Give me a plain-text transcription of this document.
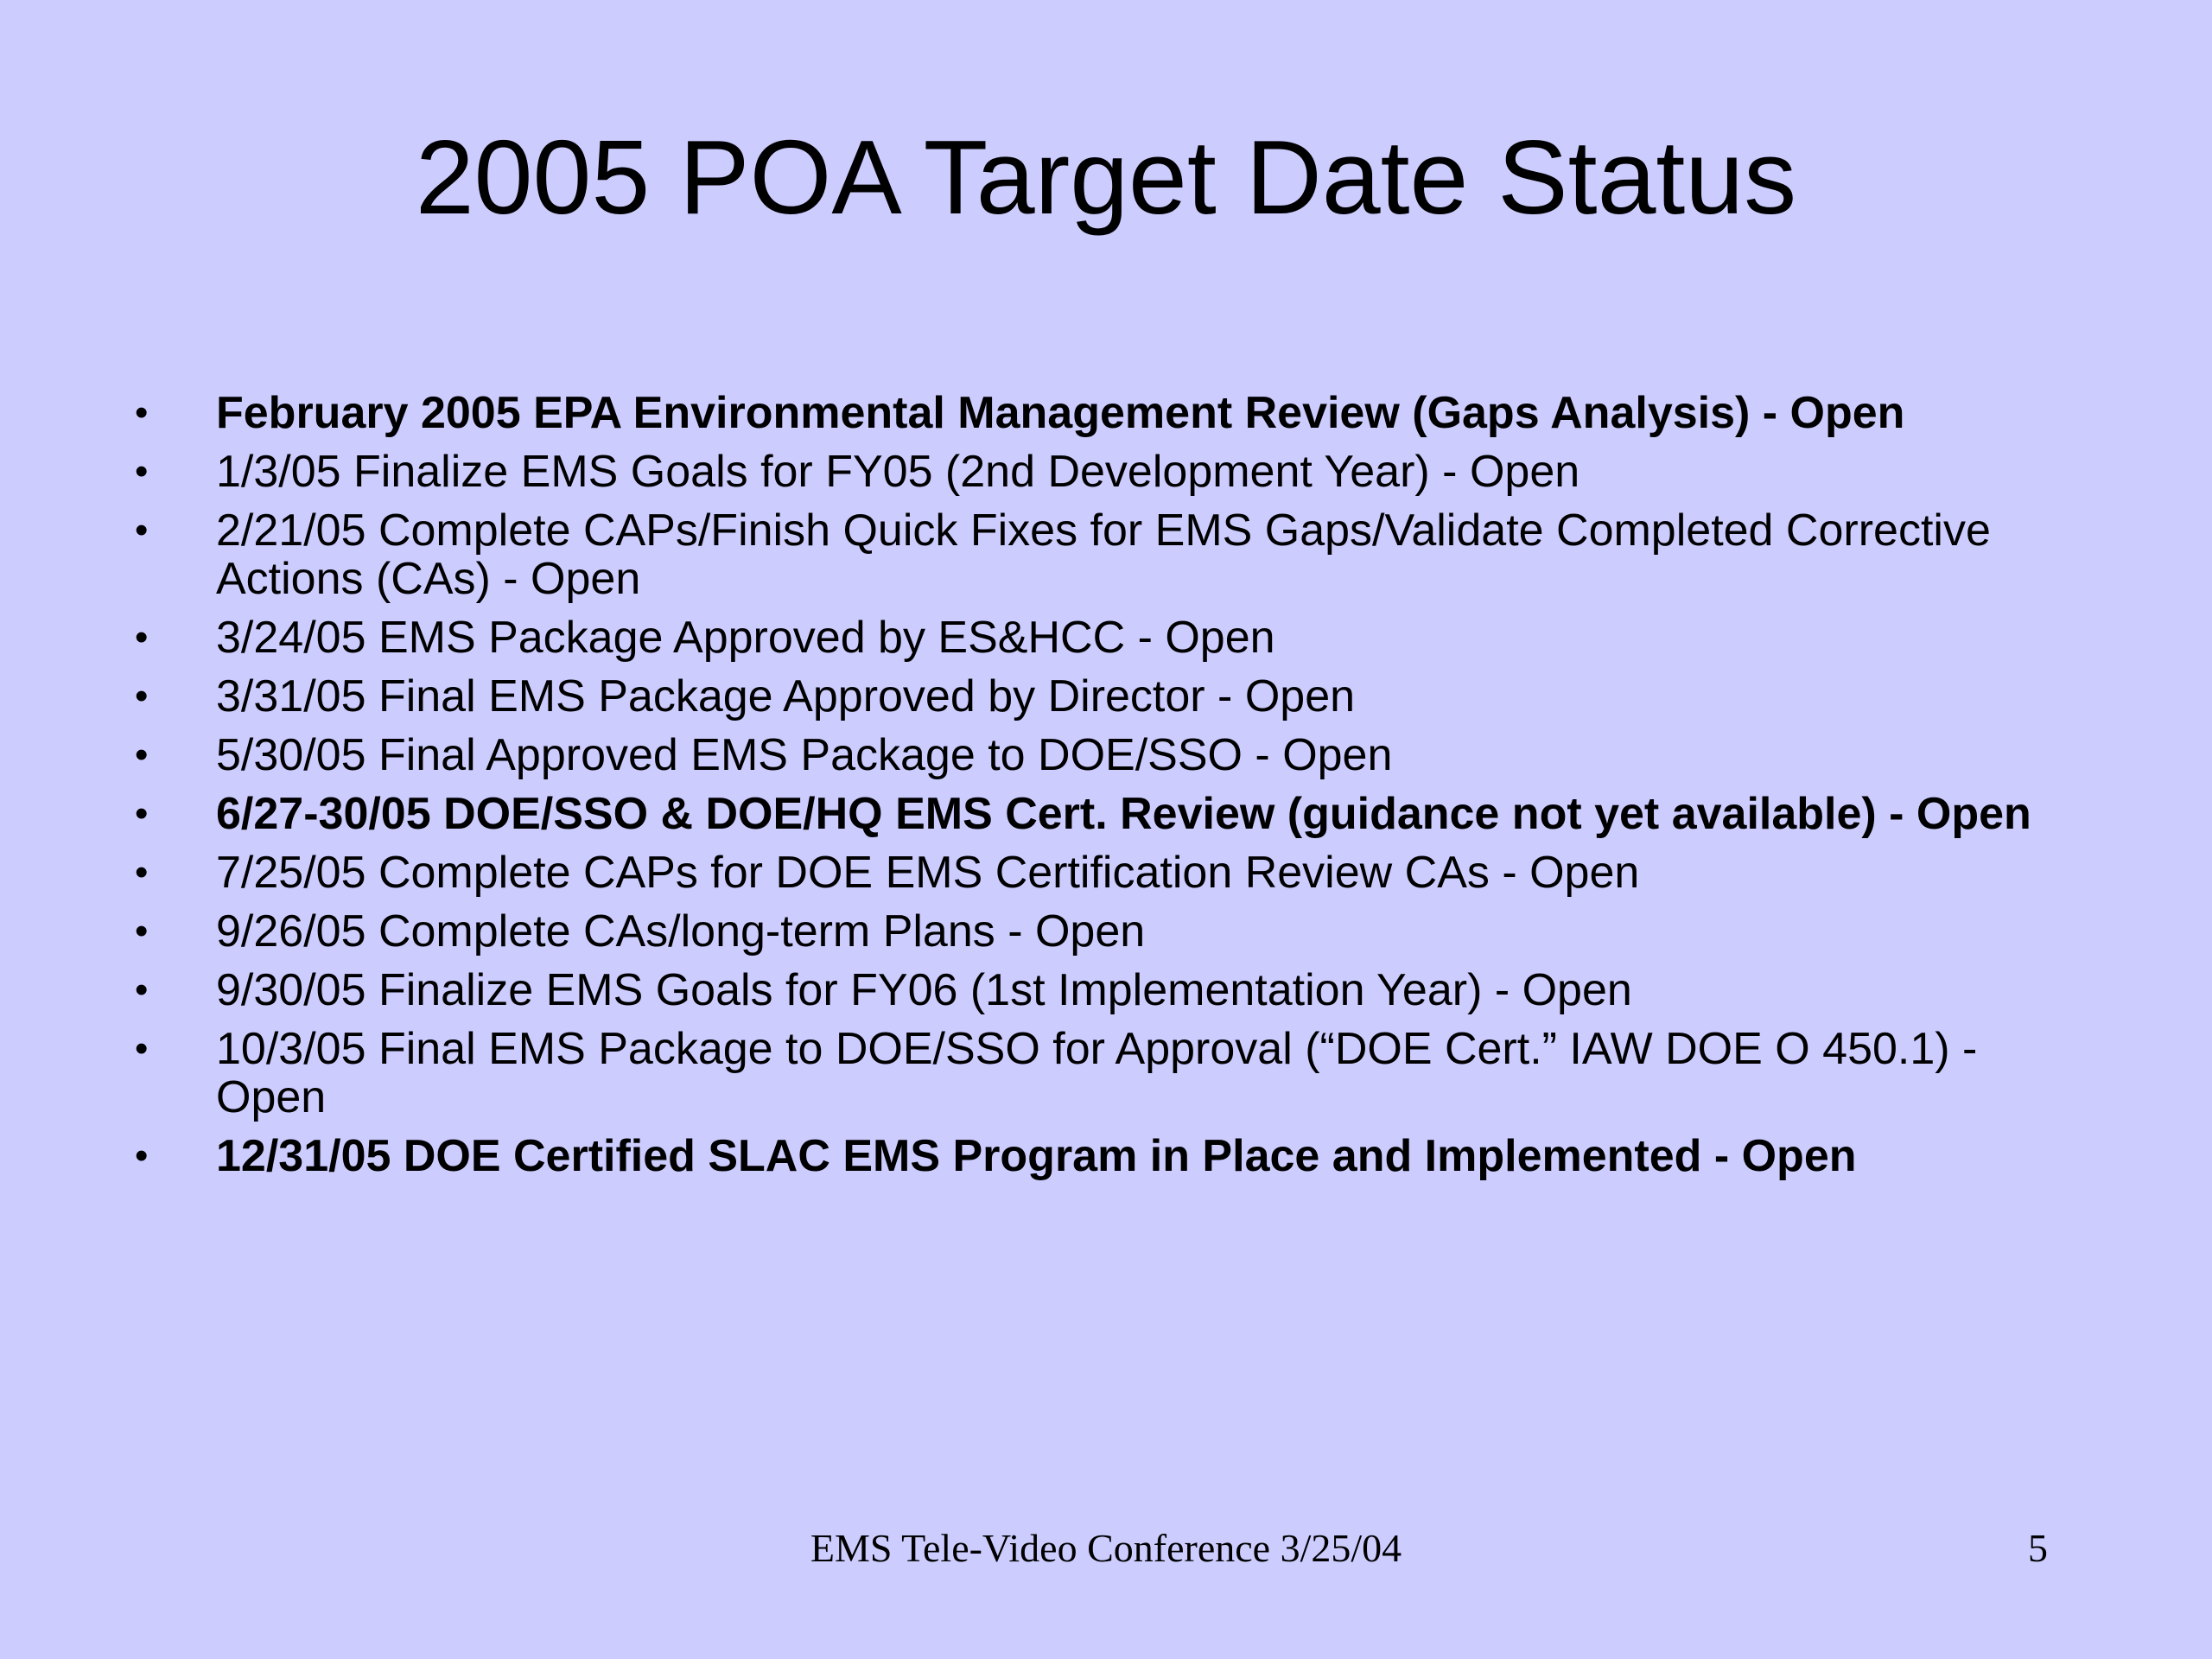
2005 POA Target Date Status
•	February 2005 EPA Environmental Management Review (Gaps Analysis) - Open
•	1/3/05 Finalize EMS Goals for FY05 (2nd Development Year) - Open
•	2/21/05 Complete CAPs/Finish Quick Fixes for EMS Gaps/Validate Completed Corrective Actions (CAs) - Open
•	3/24/05 EMS Package Approved by ES&HCC - Open
•	3/31/05 Final EMS Package Approved by Director - Open
•	5/30/05 Final Approved EMS Package to DOE/SSO - Open
•	6/27-30/05 DOE/SSO & DOE/HQ EMS Cert. Review (guidance not yet available) - Open
•	7/25/05 Complete CAPs for DOE EMS Certification Review CAs - Open
•	9/26/05 Complete CAs/long-term Plans - Open
•	9/30/05 Finalize EMS Goals for FY06 (1st Implementation Year) - Open
•	10/3/05 Final EMS Package to DOE/SSO for Approval (“DOE Cert.” IAW DOE O 450.1) - Open
•	12/31/05 DOE Certified SLAC EMS Program in Place and Implemented - Open
EMS Tele-Video Conference 3/25/04	5
